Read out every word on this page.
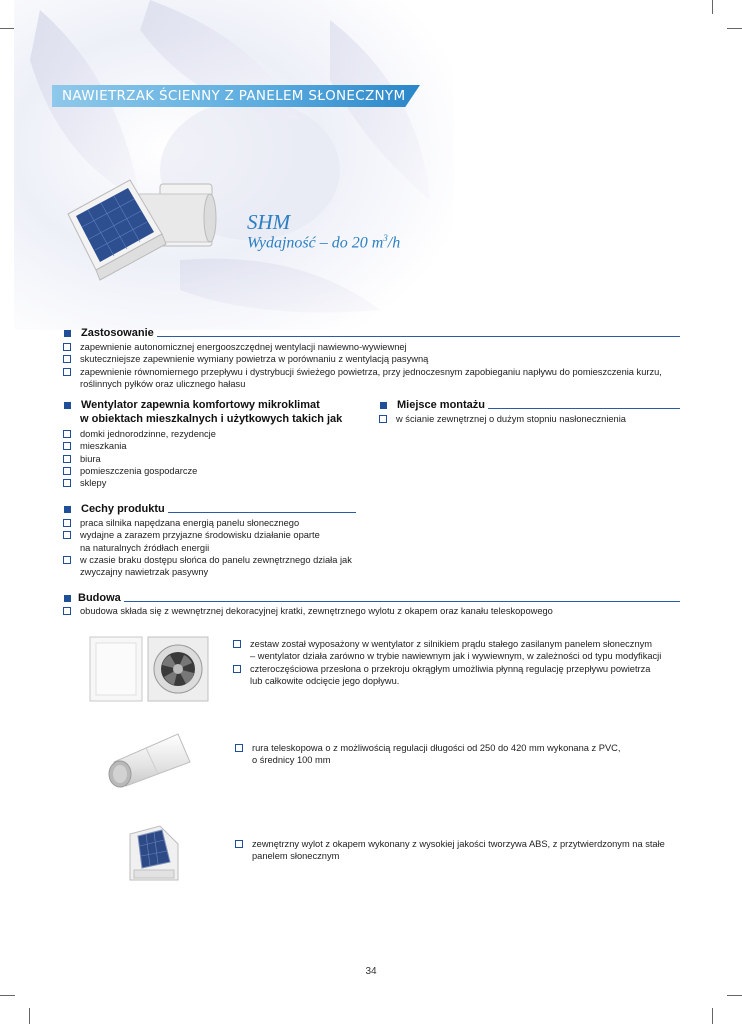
NAWIETRZAK ŚCIENNY Z PANELEM SŁONECZNYM
SHM
Wydajność – do 20 $m^3/h$
Zastosowanie
zapewnienie autonomicznej energooszczędnej wentylacji nawiewno-wywiewnej
skuteczniejsze zapewnienie wymiany powietrza w porównaniu z wentylacją pasywną
zapewnienie równomiernego przepływu i dystrybucji świeżego powietrza, przy jednoczesnym zapobieganiu napływu do pomieszczenia kurzu,
roślinnych pyłków oraz ulicznego hałasu
Wentylator zapewnia komfortowy mikroklimat
w obiektach mieszkalnych i użytkowych takich jak
domki jednorodzinne, rezydencje
mieszkania
biura
pomieszczenia gospodarcze
sklepy
Miejsce montażu
w ścianie zewnętrznej o dużym stopniu nasłonecznienia
Cechy produktu
praca silnika napędzana energią panelu słonecznego
wydajne a zarazem przyjazne środowisku działanie oparte
na naturalnych źródłach energii
w czasie braku dostępu słońca do panelu zewnętrznego działa jak
zwyczajny nawietrzak pasywny
Budowa
obudowa składa się z wewnętrznej dekoracyjnej kratki, zewnętrznego wylotu z okapem oraz kanału teleskopowego
zestaw został wyposażony w wentylator z silnikiem prądu stałego zasilanym panelem słonecznym
– wentylator działa zarówno w trybie nawiewnym jak i wywiewnym, w zależności od typu modyfikacji
czteroczęściowa przesłona o przekroju okrągłym umożliwia płynną regulację przepływu powietrza
lub całkowite odcięcie jego dopływu.
rura teleskopowa o z możliwością regulacji długości od 250 do 420 mm wykonana z PVC,
o średnicy 100 mm
zewnętrzny wylot z okapem wykonany z wysokiej jakości tworzywa ABS, z przytwierdzonym na stałe
panelem słonecznym
34
